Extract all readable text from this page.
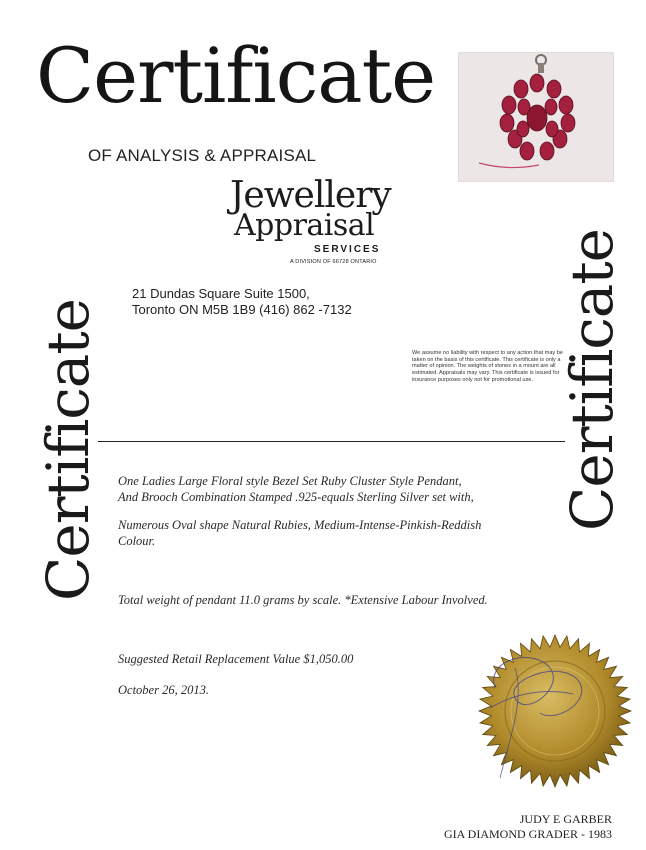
Certificate
OF ANALYSIS & APPRAISAL
Jewellery
Appraisal
SERVICES
A DIVISION OF 66728 ONTARIO
21 Dundas Square Suite 1500,
Toronto ON M5B 1B9 (416) 862 -7132
We assume no liability with respect to any action that may be taken on the basis of this certificate. This certificate is only a matter of opinion. The weights of stones in a mount are all estimated. Appraisals may vary. This certificate is issued for insurance purposes only not for promotional use.
Certificate	Certificate
One Ladies Large Floral style Bezel Set Ruby Cluster Style Pendant,
And Brooch Combination Stamped .925-equals Sterling Silver set with,
Numerous Oval shape Natural Rubies, Medium-Intense-Pinkish-Reddish
Colour.
Total weight of pendant 11.0 grams by scale. *Extensive Labour Involved.
Suggested Retail Replacement Value $1,050.00
October 26, 2013.
JUDY E GARBER
GIA DIAMOND GRADER - 1983
